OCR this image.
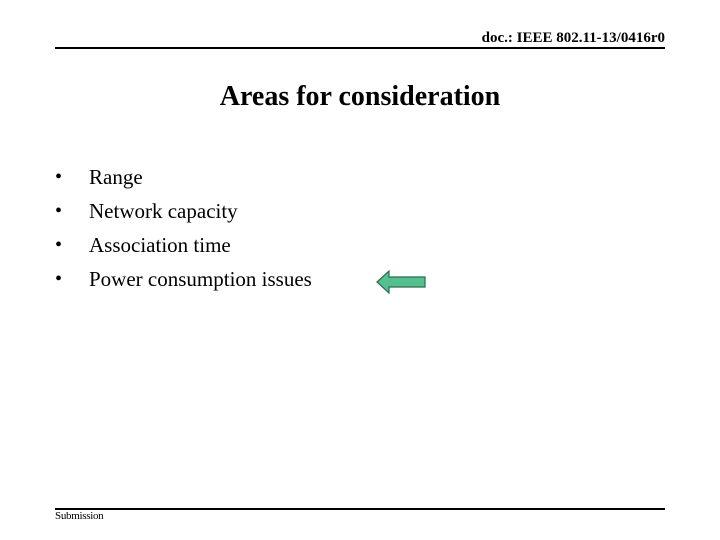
doc.: IEEE 802.11-13/0416r0
Areas for consideration
•	Range
•	Network capacity
•	Association time
•	Power consumption issues
Submission
